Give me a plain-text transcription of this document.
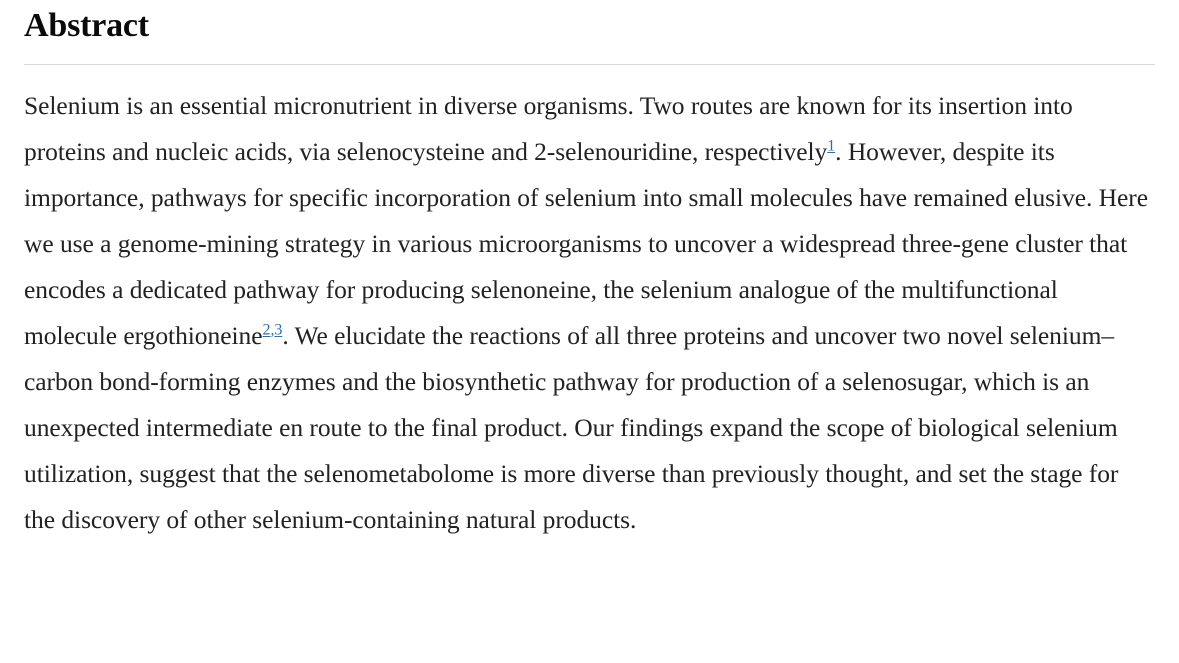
Abstract

Selenium is an essential micronutrient in diverse organisms. Two routes are known for its insertion into proteins and nucleic acids, via selenocysteine and 2-selenouridine, respectively$^1$. However, despite its importance, pathways for specific incorporation of selenium into small molecules have remained elusive. Here we use a genome-mining strategy in various microorganisms to uncover a widespread three-gene cluster that encodes a dedicated pathway for producing selenoneine, the selenium analogue of the multifunctional molecule ergothioneine$^{2,3}$. We elucidate the reactions of all three proteins and uncover two novel selenium–carbon bond-forming enzymes and the biosynthetic pathway for production of a selenosugar, which is an unexpected intermediate en route to the final product. Our findings expand the scope of biological selenium utilization, suggest that the selenometabolome is more diverse than previously thought, and set the stage for the discovery of other selenium-containing natural products.
